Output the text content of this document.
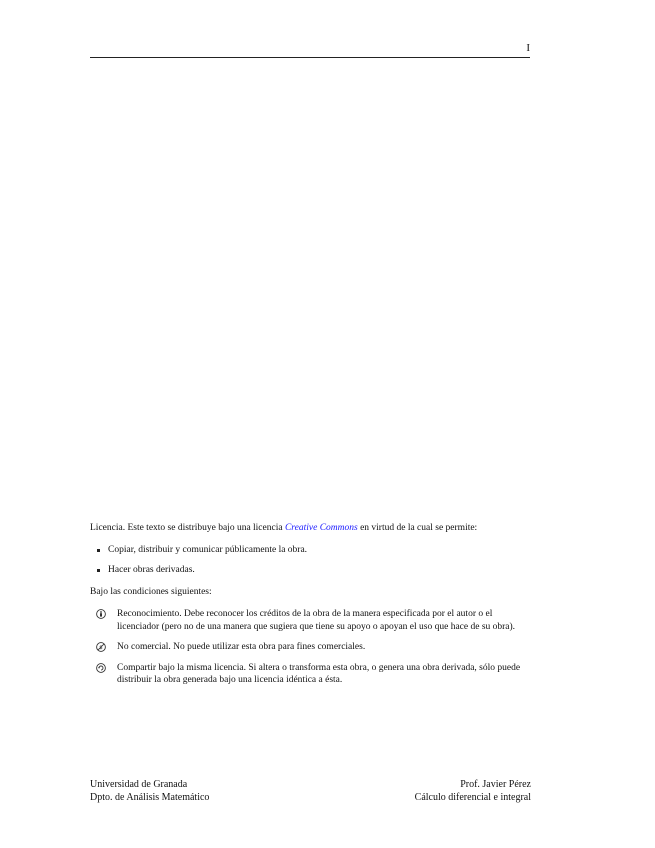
I

Licencia. Este texto se distribuye bajo una licencia Creative Commons en virtud de la cual se permite:

Copiar, distribuir y comunicar públicamente la obra.
Hacer obras derivadas.

Bajo las condiciones siguientes:

Reconocimiento. Debe reconocer los créditos de la obra de la manera especificada por el autor o el licenciador (pero no de una manera que sugiera que tiene su apoyo o apoyan el uso que hace de su obra).
$ No comercial. No puede utilizar esta obra para fines comerciales.
Compartir bajo la misma licencia. Si altera o transforma esta obra, o genera una obra derivada, sólo puede distribuir la obra generada bajo una licencia idéntica a ésta.
Universidad de Granada
Dpto. de Análisis Matemático
Prof. Javier Pérez
Cálculo diferencial e integral
